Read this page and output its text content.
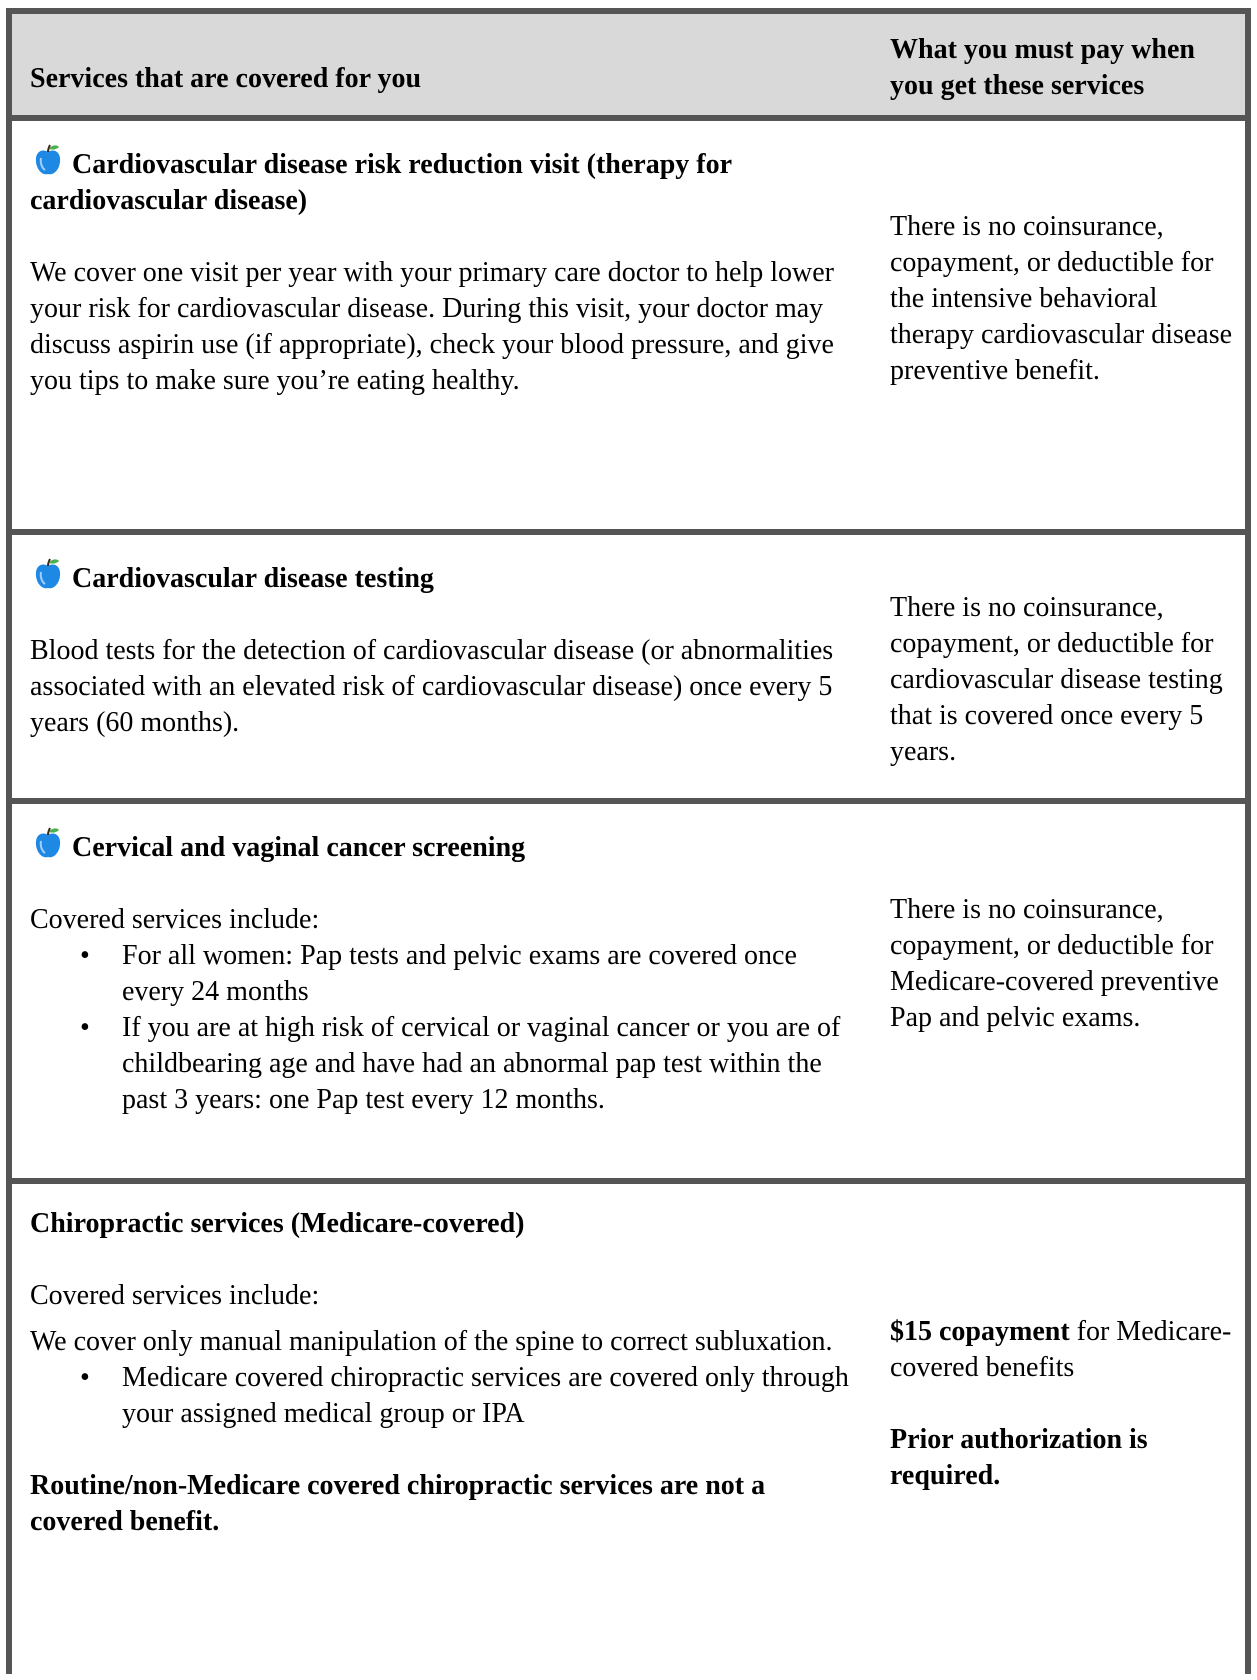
Services that are covered for you
What you must pay when you get these services

Cardiovascular disease risk reduction visit (therapy for cardiovascular disease)

We cover one visit per year with your primary care doctor to help lower your risk for cardiovascular disease. During this visit, your doctor may discuss aspirin use (if appropriate), check your blood pressure, and give you tips to make sure you’re eating healthy.

There is no coinsurance, copayment, or deductible for the intensive behavioral therapy cardiovascular disease preventive benefit.

Cardiovascular disease testing

Blood tests for the detection of cardiovascular disease (or abnormalities associated with an elevated risk of cardiovascular disease) once every 5 years (60 months).

There is no coinsurance, copayment, or deductible for cardiovascular disease testing that is covered once every 5 years.

Cervical and vaginal cancer screening

Covered services include:

• For all women: Pap tests and pelvic exams are covered once every 24 months
• If you are at high risk of cervical or vaginal cancer or you are of childbearing age and have had an abnormal pap test within the past 3 years: one Pap test every 12 months.
There is no coinsurance, copayment, or deductible for Medicare-covered preventive Pap and pelvic exams.

Chiropractic services (Medicare-covered)

Covered services include:

We cover only manual manipulation of the spine to correct subluxation.

• Medicare covered chiropractic services are covered only through your assigned medical group or IPA

Routine/non-Medicare covered chiropractic services are not a covered benefit.

$15 copayment for Medicare-covered benefits

Prior authorization is required.
